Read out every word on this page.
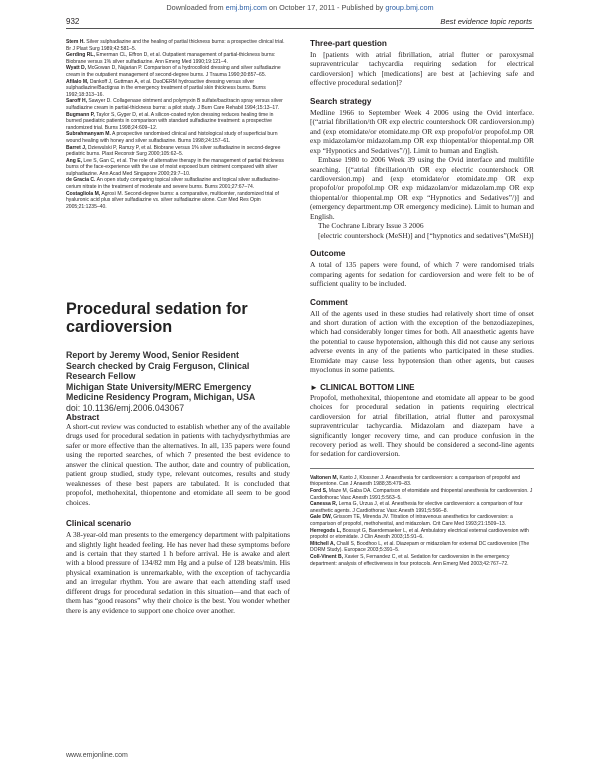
Downloaded from emj.bmj.com on October 17, 2011 - Published by group.bmj.com
932	Best evidence topic reports

Stem H. Silver sulphadiazine and the healing of partial thickness burns: a prospective clinical trial. Br J Plast Surg 1989;42:581–5.

Gerding RL, Emerman CL, Effron D, et al. Outpatient management of partial-thickness burns: Biobrane versus 1% silver sulfadiazine. Ann Emerg Med 1990;19:121–4.

Wyatt D, McGowan D, Najarian P. Comparison of a hydrocolloid dressing and silver sulfadiazine cream in the outpatient management of second-degree burns. J Trauma 1990;30:857–65.

Afilalo M, Dankoff J, Guttman A, et al. DuoDERM hydroactive dressing versus silver sulphadiazine/Bactigras in the emergency treatment of partial skin thickness burns. Burns 1992;18:313–16.

Saroff H, Sawyer D. Collagenase ointment and polymyxin B sulfate/bacitracin spray versus silver sulfadiazine cream in partial-thickness burns: a pilot study. J Burn Care Rehabil 1994;15:13–17.

Bugmann P, Taylor S, Gyger D, et al. A silicon-coated nylon dressing reduces healing time in burned paediatric patients in comparison with standard sulfadiazine treatment: a prospective randomized trial. Burns 1998;24:609–12.

Subrahmanyam M. A prospective randomised clinical and histological study of superficial burn wound healing with honey and silver sulfadiazine. Burns 1998;24:157–61.

Barret J, Dziewulski P, Ramzy P, et al. Biobrane versus 1% silver sulfadiazine in second-degree pediatric burns. Plast Reconstr Surg 2000;105:62–5.

Ang E, Lee S, Gan C, et al. The role of alternative therapy in the management of partial thickness burns of the face-experience with the use of moist exposed burn ointment compared with silver sulphadiazine. Ann Acad Med Singapore 2000;29:7–10.

de Gracia C. An open study comparing topical silver sulfadiazine and topical silver sulfadiazine-cerium nitrate in the treatment of moderate and severe burns. Burns 2001;27:67–74.

Costagliola M, Agrosì M. Second-degree burns: a comparative, multicenter, randomized trial of hyaluronic acid plus silver sulfadiazine vs. silver sulfadiazine alone. Curr Med Res Opin 2005;21:1235–40.

Procedural sedation for cardioversion

Report by Jeremy Wood, Senior Resident

Search checked by Craig Ferguson, Clinical Research Fellow

Michigan State University/MERC Emergency Medicine Residency Program, Michigan, USA

doi: 10.1136/emj.2006.043067

Abstract

A short-cut review was conducted to establish whether any of the available drugs used for procedural sedation in patients with tachydysrhythmias are safer or more effective than the alternatives. In all, 135 papers were found using the reported searches, of which 7 presented the best evidence to answer the clinical question. The author, date and country of publication, patient group studied, study type, relevant outcomes, results and study weaknesses of these best papers are tabulated. It is concluded that propofol, methohexital, thiopentone and etomidate all seem to be good choices.

Clinical scenario

A 38-year-old man presents to the emergency department with palpitations and slightly light headed feeling. He has never had these symptoms before and is certain that they started 1 h before arrival. He is awake and alert with a blood pressure of 134/82 mm Hg and a pulse of 128 beats/min. His physical examination is unremarkable, with the exception of tachycardia and an irregular rhythm. You are aware that each attending staff used different drugs for procedural sedation in this situation—and that each of them has “good reasons” why their choice is the best. You wonder whether there is any evidence to support one choice over another.

Three-part question

In [patients with atrial fibrillation, atrial flutter or paroxysmal supraventricular tachycardia requiring sedation for electrical cardioversion] which [medications] are best at [achieving safe and effective procedural sedation]?

Search strategy

Medline 1966 to September Week 4 2006 using the Ovid interface. [(“atrial fibrillation/th OR exp electric countershock OR cardioversion.mp) and (exp etomidate/or etomidate.mp OR exp propofol/or propofol.mp OR exp midazolam/or midazolam.mp OR exp thiopental/or thiopental.mp OR exp “Hypnotics and Sedatives”/)]. Limit to human and English.

Embase 1980 to 2006 Week 39 using the Ovid interface and multifile searching. [(“atrial fibrillation/th OR exp electric countershock OR cardioversion.mp) and (exp etomidate/or etomidate.mp OR exp propofol/or propofol.mp OR exp midazolam/or midazolam.mp OR exp thiopental/or thiopental.mp OR exp “Hypnotics and Sedatives”/)] and (emergency department.mp OR emergency medicine). Limit to human and English.

The Cochrane Library Issue 3 2006

[electric countershock (MeSH)] and [“hypnotics and sedatives”(MeSH)]

Outcome

A total of 135 papers were found, of which 7 were randomised trials comparing agents for sedation for cardioversion and were felt to be of sufficient quality to be included.

Comment

All of the agents used in these studies had relatively short time of onset and short duration of action with the exception of the benzodiazepines, which had considerably longer times for both. All anaesthetic agents have the potential to cause hypotension, although this did not cause any serious adverse events in any of the patients who participated in these studies. Etomidate may cause less hypotension than other agents, but causes myoclonus in some patients.

► CLINICAL BOTTOM LINE

Propofol, methohexital, thiopentone and etomidate all appear to be good choices for procedural sedation in patients requiring electrical cardioversion for atrial fibrillation, atrial flutter and paroxysmal supraventricular tachycardia. Midazolam and diazepam have a significantly longer recovery time, and can produce confusion in the recovery period as well. They should be considered a second-line agents for sedation for cardioversion.

Valtonen M, Kanto J, Klossner J. Anaesthesia for cardioversion: a comparison of propofol and thiopentone. Can J Anaesth 1988;35:479–83.

Ford S, Maze M, Gaba DA. Comparison of etomidate and thiopental anesthesia for cardioversion. J Cardiothorac Vasc Anesth 1991;5:563–5.

Canessa R, Lema G, Urzua J, et al. Anesthesia for elective cardioversion: a comparison of four anesthetic agents. J Cardiothorac Vasc Anesth 1991;5:566–8.

Gale DW, Grissom TE, Mirenda JV. Titration of intravenous anesthetics for cardioversion: a comparison of propofol, methohexital, and midazolam. Crit Care Med 1993;21:1509–13.

Herregods L, Bossuyt G, Baerdemaeker L, et al. Ambulatory electrical external cardioversion with propofol or etomidate. J Clin Anesth 2003;15:91–6.

Mitchell A, Chalil S, Boodhoo L, et al. Diazepam or midazolam for external DC cardioversion (The DORM Study). Europace 2003;5:391–5.

Coll-Vinent B, Xavier S, Fernandez C, et al. Sedation for cardioversion in the emergency department: analysis of effectiveness in four protocols. Ann Emerg Med 2003;42:767–72.

www.emjonline.com
